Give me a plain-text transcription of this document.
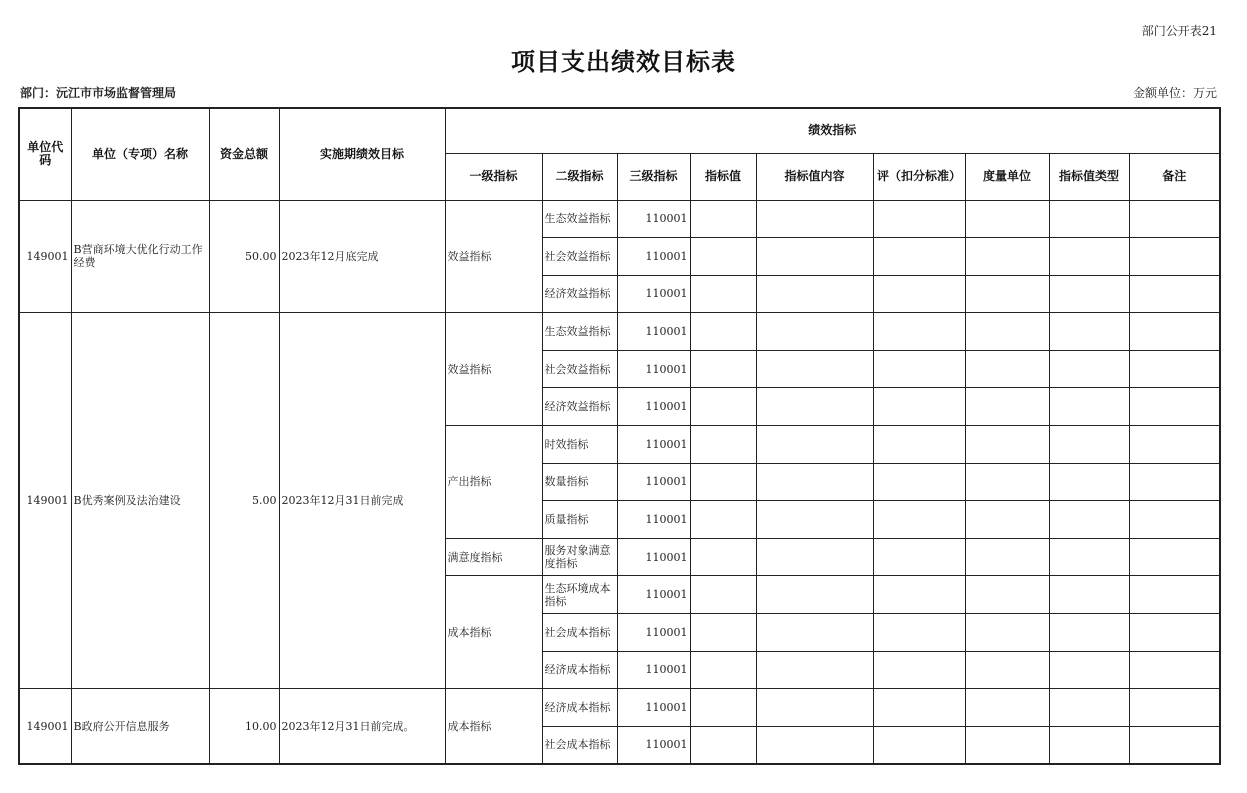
部门公开表21
项目支出绩效目标表
部门：沅江市市场监督管理局	金额单位：万元
单位代码	单位（专项）名称	资金总额	实施期绩效目标	绩效指标								
				一级指标	二级指标	三级指标	指标值	指标值内容	评（扣分标准）	度量单位	指标值类型	备注
149001	B营商环境大优化行动工作经费	50.00	2023年12月底完成	效益指标	生态效益指标	110001						
					社会效益指标	110001						
					经济效益指标	110001						
149001	B优秀案例及法治建设	5.00	2023年12月31日前完成	效益指标	生态效益指标	110001						
					社会效益指标	110001						
					经济效益指标	110001						
				产出指标	时效指标	110001						
					数量指标	110001						
					质量指标	110001						
				满意度指标	服务对象满意度指标	110001						
				成本指标	生态环境成本指标	110001						
					社会成本指标	110001						
					经济成本指标	110001						
149001	B政府公开信息服务	10.00	2023年12月31日前完成。	成本指标	经济成本指标	110001						
					社会成本指标	110001						
